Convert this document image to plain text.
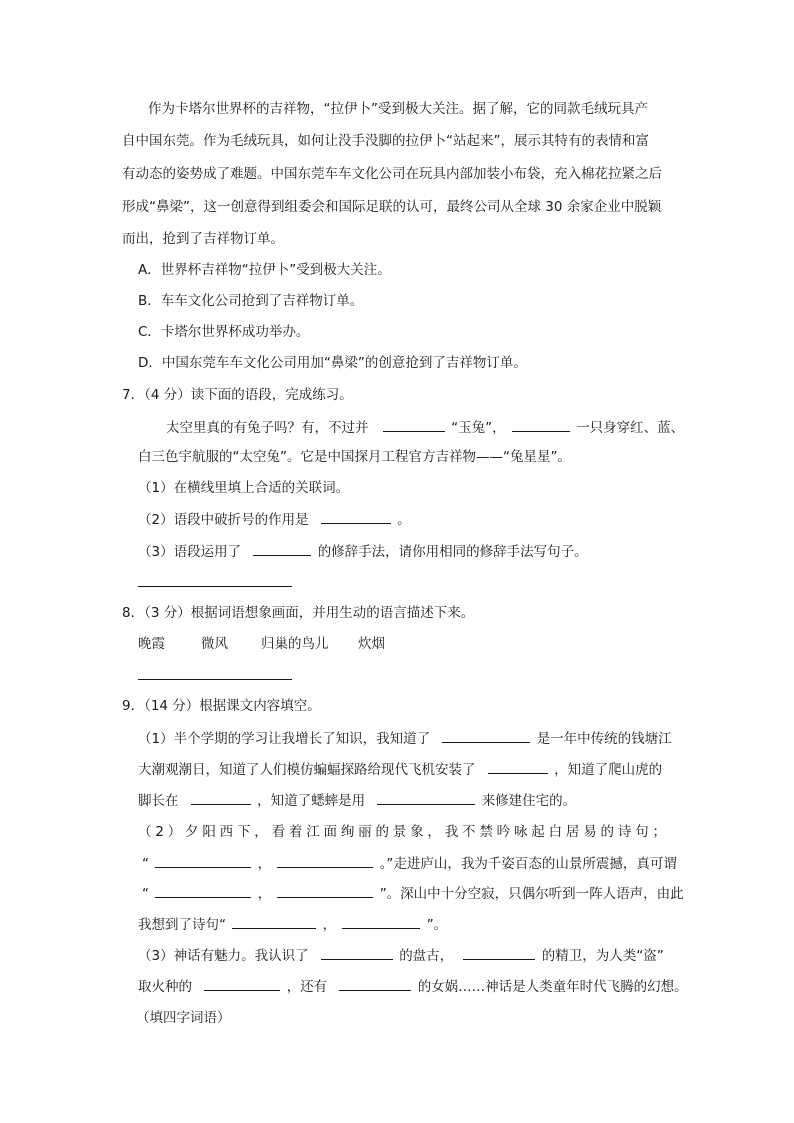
作为卡塔尔世界杯的吉祥物，“拉伊卜”受到极大关注。据了解，它的同款毛绒玩具产
自中国东莞。作为毛绒玩具，如何让没手没脚的拉伊卜“站起来”，展示其特有的表情和富
有动态的姿势成了难题。中国东莞车车文化公司在玩具内部加装小布袋，充入棉花拉紧之后
形成“鼻梁”，这一创意得到组委会和国际足联的认可，最终公司从全球 30 余家企业中脱颖
而出，抢到了吉祥物订单。
A．世界杯吉祥物“拉伊卜”受到极大关注。
B．车车文化公司抢到了吉祥物订单。
C．卡塔尔世界杯成功举办。
D．中国东莞车车文化公司用加“鼻梁”的创意抢到了吉祥物订单。
7．（4 分）读下面的语段，完成练习。
太空里真的有兔子吗？有，不过并	“玉兔”，	一只身穿红、蓝、
白三色宇航服的“太空兔”。它是中国探月工程官方吉祥物——“兔星星”。
（1）在横线里填上合适的关联词。
（2）语段中破折号的作用是	。
（3）语段运用了	的修辞手法，请你用相同的修辞手法写句子。
8．（3 分）根据词语想象画面，并用生动的语言描述下来。
晚霞	微风 归巢的鸟儿 炊烟
9．（14 分）根据课文内容填空。
（1）半个学期的学习让我增长了知识，我知道了	是一年中传统的钱塘江
大潮观潮日，知道了人们模仿蝙蝠探路给现代飞机安装了	，知道了爬山虎的
脚长在	，知道了蟋蟀是用	来修建住宅的。
（2）夕阳西下，看着江面绚丽的景象，我不禁吟咏起白居易的诗句；
“	，	。”走进庐山，我为千姿百态的山景所震撼，真可谓
“	，	”。深山中十分空寂，只偶尔听到一阵人语声，由此
我想到了诗句“	，	”。
（3）神话有魅力。我认识了	的盘古，	的精卫，为人类“盗”
取火种的	，还有	的女娲……神话是人类童年时代飞腾的幻想。
（填四字词语）
